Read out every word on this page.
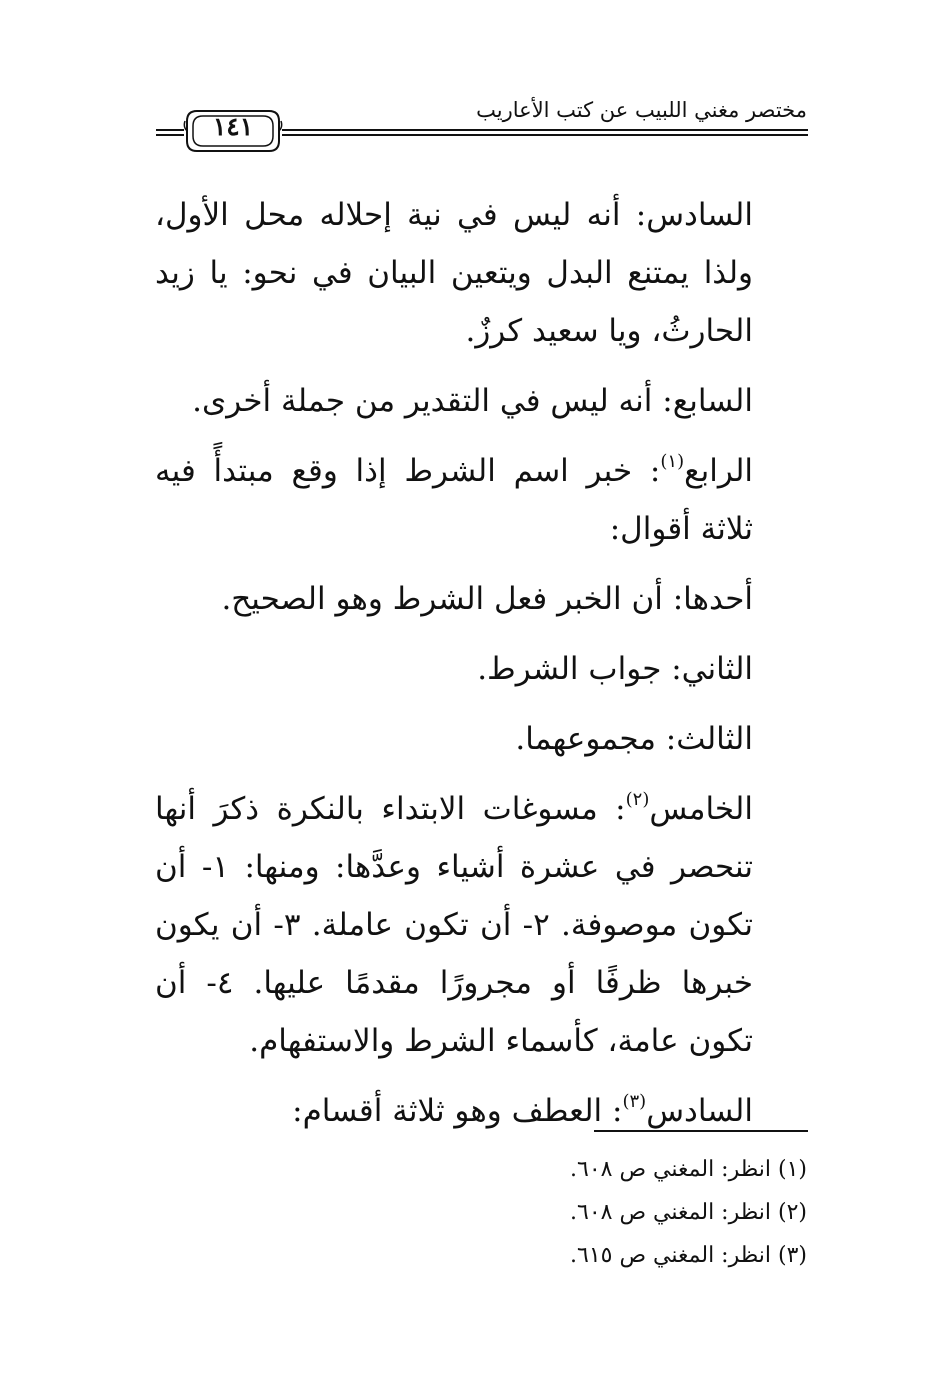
مختصر مغني اللبيب عن كتب الأعاريب
١٤١

السادس: أنه ليس في نية إحلاله محل الأول، ولذا يمتنع البدل ويتعين البيان في نحو: يا زيد الحارثُ، ويا سعيد كرزٌ.

السابع: أنه ليس في التقدير من جملة أخرى.

الرابع$^{(١)}$: خبر اسم الشرط إذا وقع مبتدأً فيه ثلاثة أقوال:

أحدها: أن الخبر فعل الشرط وهو الصحيح.

الثاني: جواب الشرط.

الثالث: مجموعهما.

الخامس$^{(٢)}$: مسوغات الابتداء بالنكرة ذكرَ أنها تنحصر في عشرة أشياء وعدَّها: ومنها: ١- أن تكون موصوفة. ٢- أن تكون عاملة. ٣- أن يكون خبرها ظرفًا أو مجرورًا مقدمًا عليها. ٤- أن تكون عامة، كأسماء الشرط والاستفهام.

السادس$^{(٣)}$: العطف وهو ثلاثة أقسام:

(١) انظر: المغني ص ٦٠٨.
(٢) انظر: المغني ص ٦٠٨.
(٣) انظر: المغني ص ٦١٥.
